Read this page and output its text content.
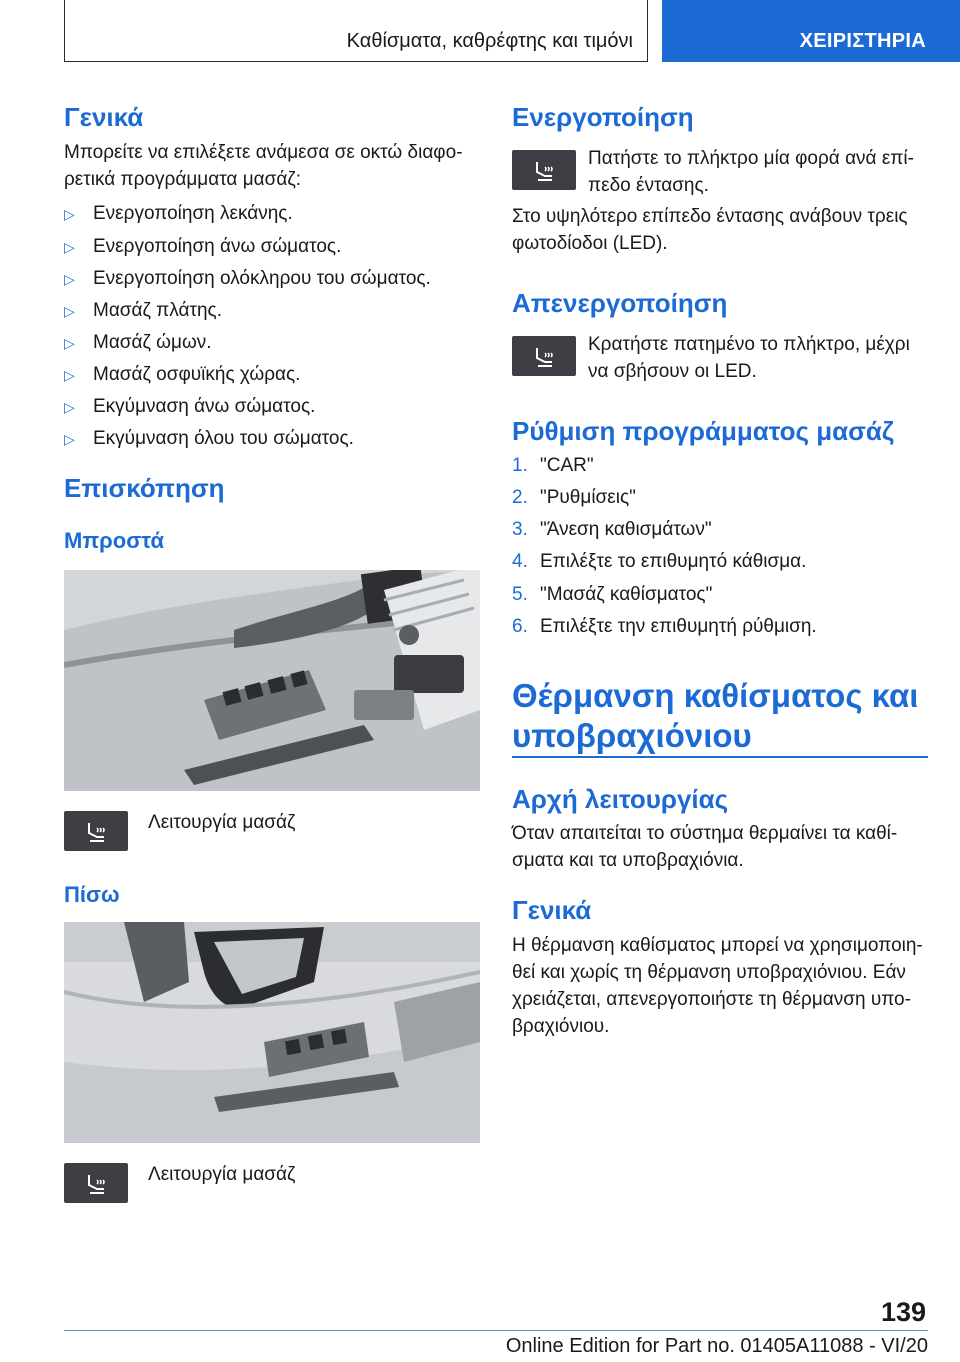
Καθίσματα, καθρέφτης και τιμόνι	ΧΕΙΡΙΣΤΗΡΙΑ
Γενικά

Μπορείτε να επιλέξετε ανάμεσα σε οκτώ διαφο-ρετικά προγράμματα μασάζ:

▷ Ενεργοποίηση λεκάνης.
▷ Ενεργοποίηση άνω σώματος.
▷ Ενεργοποίηση ολόκληρου του σώματος.
▷ Μασάζ πλάτης.
▷ Μασάζ ώμων.
▷ Μασάζ οσφυϊκής χώρας.
▷ Εκγύμναση άνω σώματος.
▷ Εκγύμναση όλου του σώματος.
Επισκόπηση
Μπροστά
Λειτουργία μασάζ
Πίσω
Λειτουργία μασάζ
Ενεργοποίηση

Πατήστε το πλήκτρο μία φορά ανά επί-πεδο έντασης.

Στο υψηλότερο επίπεδο έντασης ανάβουν τρεις φωτοδίοδοι (LED).

Απενεργοποίηση

Κρατήστε πατημένο το πλήκτρο, μέχρι να σβήσουν οι LED.

Ρύθμιση προγράμματος μασάζ
1. "CAR"
2. "Ρυθμίσεις"
3. "Άνεση καθισμάτων"
4. Επιλέξτε το επιθυμητό κάθισμα.
5. "Μασάζ καθίσματος"
6. Επιλέξτε την επιθυμητή ρύθμιση.
Θέρμανση καθίσματος και
υποβραχιόνιου
Αρχή λειτουργίας

Όταν απαιτείται το σύστημα θερμαίνει τα καθί-σματα και τα υποβραχιόνια.

Γενικά

Η θέρμανση καθίσματος μπορεί να χρησιμοποιη-θεί και χωρίς τη θέρμανση υποβραχιόνιου. Εάν χρειάζεται, απενεργοποιήστε τη θέρμανση υπο-βραχιόνιου.

139
Online Edition for Part no. 01405A11088 - VI/20
